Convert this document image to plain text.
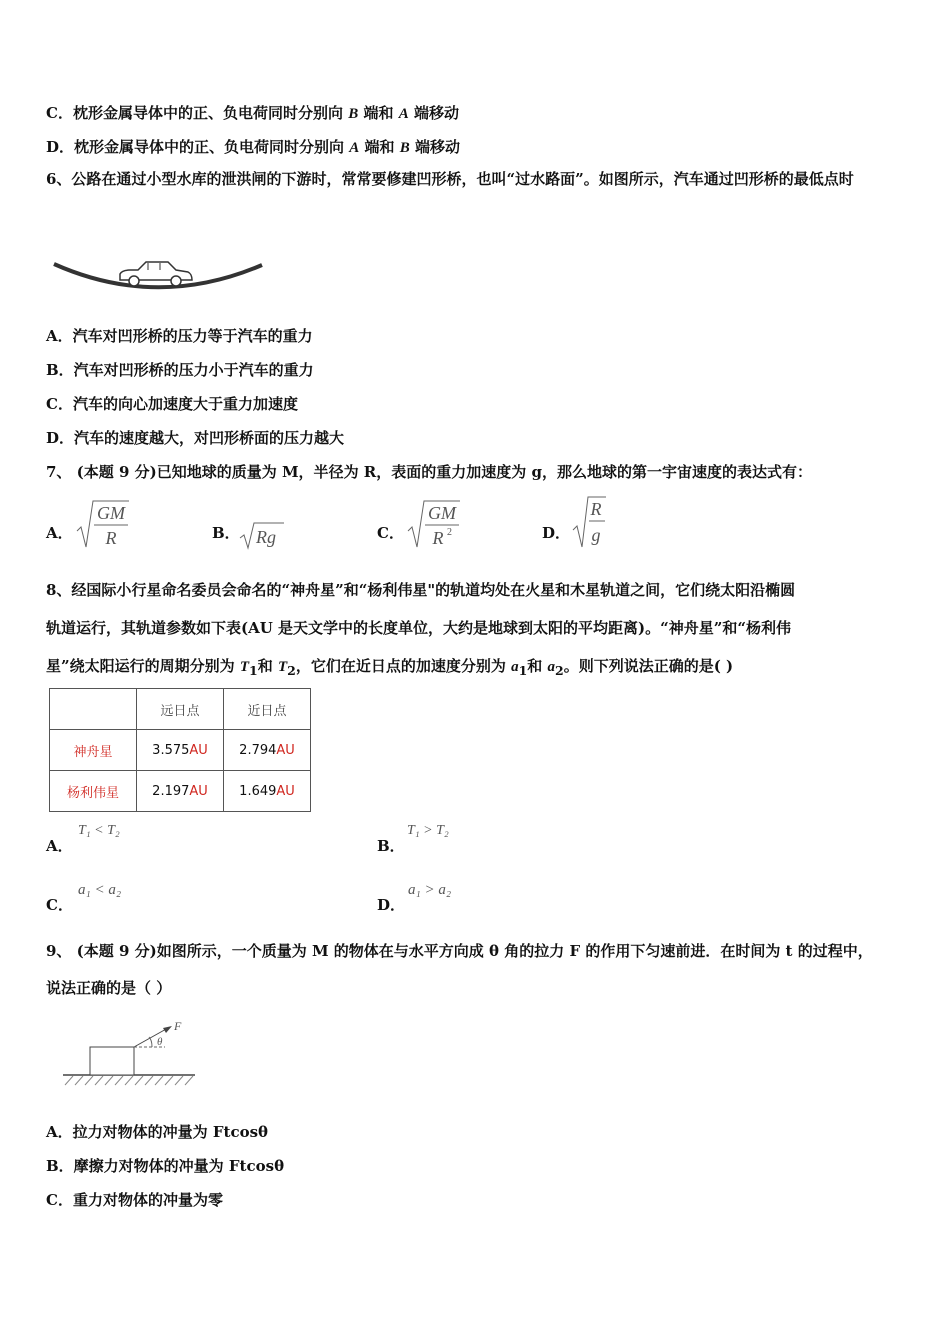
C．枕形金属导体中的正、负电荷同时分别向 B 端和 A 端移动
D．枕形金属导体中的正、负电荷同时分别向 A 端和 B 端移动
6、公路在通过小型水库的泄洪闸的下游时，常常要修建凹形桥，也叫“过水路面”。如图所示，汽车通过凹形桥的最低点时
A．汽车对凹形桥的压力等于汽车的重力
B．汽车对凹形桥的压力小于汽车的重力
C．汽车的向心加速度大于重力加速度
D．汽车的速度越大，对凹形桥面的压力越大
7、 (本题 9 分)已知地球的质量为 M，半径为 R，表面的重力加速度为 g，那么地球的第一宇宙速度的表达式有：
A．
GM
R	B． Rg	C．
GM
R 2	D．
R
g
8、经国际小行星命名委员会命名的“神舟星”和“杨利伟星"的轨道均处在火星和木星轨道之间，它们绕太阳沿椭圆
轨道运行，其轨道参数如下表(AU 是天文学中的长度单位，大约是地球到太阳的平均距离)。“神舟星”和“杨利伟
星”绕太阳运行的周期分别为 $T_1$和 $T_2$，它们在近日点的加速度分别为 $a_1$和 $a_2$。则下列说法正确的是( )
	远日点	近日点
神舟星	3.575AU	2.794AU
杨利伟星	2.197AU	1.649AU
A．
T₁ < T₂
B．
T₁ > T₂
C．
a₁ < a₂
D．
a₁ > a₂
9、 (本题 9 分)如图所示，一个质量为 M 的物体在与水平方向成 θ 角的拉力 F 的作用下匀速前进．在时间为 t 的过程中，
说法正确的是（ ）
F
θ
A．拉力对物体的冲量为 Ftcosθ
B．摩擦力对物体的冲量为 Ftcosθ
C．重力对物体的冲量为零
